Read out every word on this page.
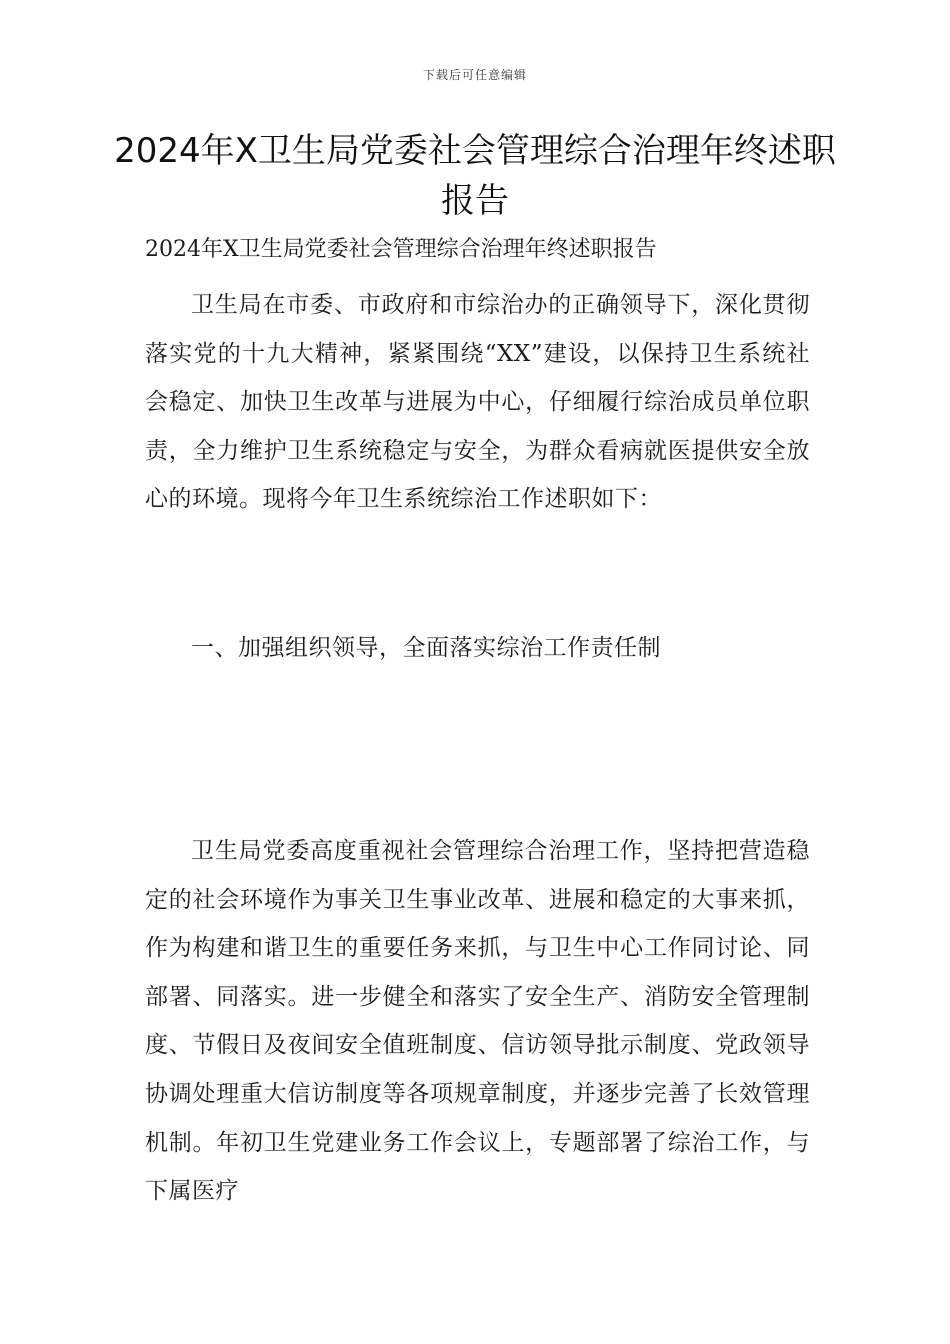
下载后可任意编辑
2024年X卫生局党委社会管理综合治理年终述职报告

2024年X卫生局党委社会管理综合治理年终述职报告

卫生局在市委、市政府和市综治办的正确领导下，深化贯彻落实党的十九大精神，紧紧围绕“XX”建设，以保持卫生系统社会稳定、加快卫生改革与进展为中心，仔细履行综治成员单位职责，全力维护卫生系统稳定与安全，为群众看病就医提供安全放心的环境。现将今年卫生系统综治工作述职如下：

一、加强组织领导，全面落实综治工作责任制

卫生局党委高度重视社会管理综合治理工作，坚持把营造稳定的社会环境作为事关卫生事业改革、进展和稳定的大事来抓，作为构建和谐卫生的重要任务来抓，与卫生中心工作同讨论、同部署、同落实。进一步健全和落实了安全生产、消防安全管理制度、节假日及夜间安全值班制度、信访领导批示制度、党政领导协调处理重大信访制度等各项规章制度，并逐步完善了长效管理机制。年初卫生党建业务工作会议上，专题部署了综治工作，与下属医疗
